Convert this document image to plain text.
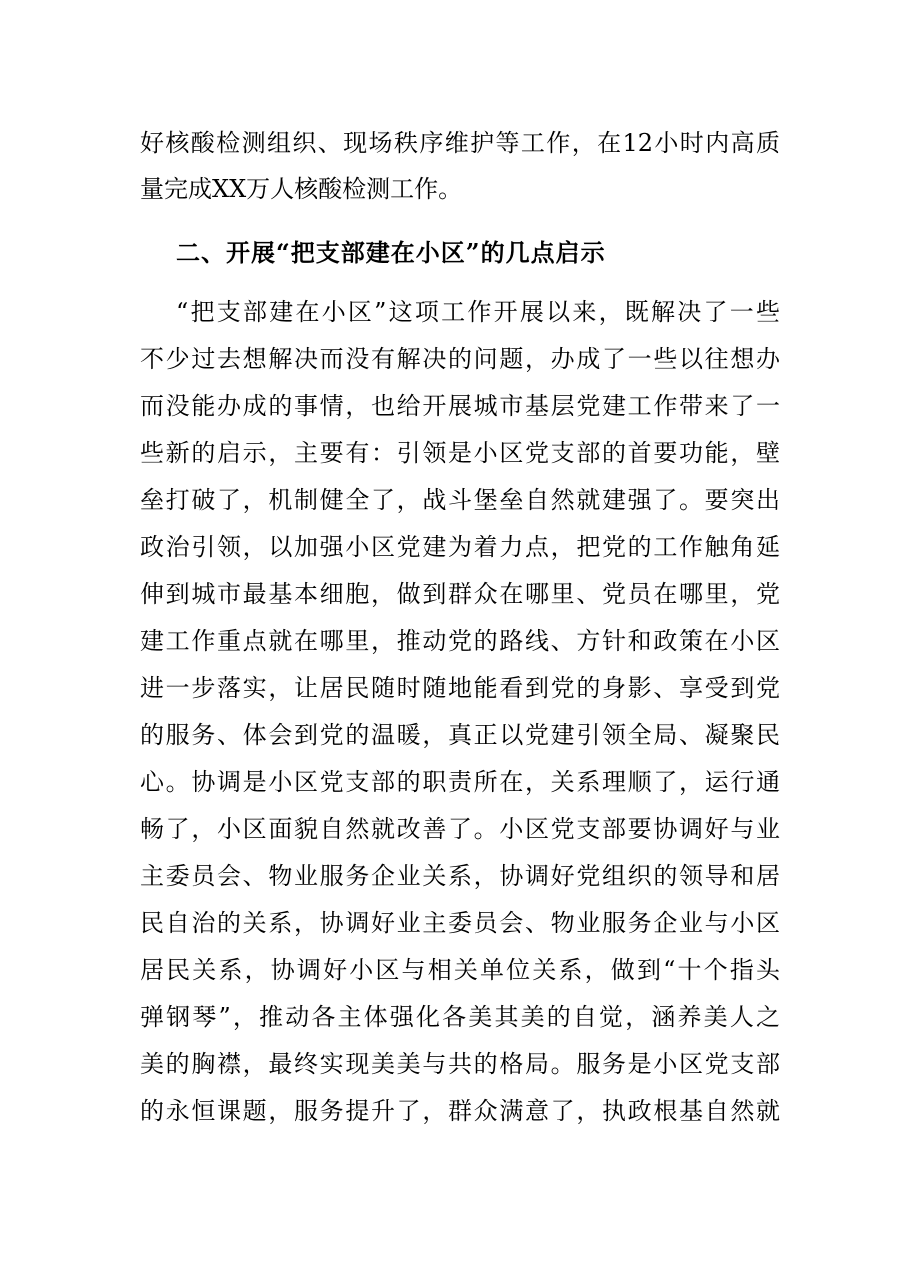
好核酸检测组织、现场秩序维护等工作，在12小时内高质
量完成XX万人核酸检测工作。
二、开展“把支部建在小区”的几点启示
“把支部建在小区”这项工作开展以来，既解决了一些
不少过去想解决而没有解决的问题，办成了一些以往想办
而没能办成的事情，也给开展城市基层党建工作带来了一
些新的启示，主要有：引领是小区党支部的首要功能，壁
垒打破了，机制健全了，战斗堡垒自然就建强了。要突出
政治引领，以加强小区党建为着力点，把党的工作触角延
伸到城市最基本细胞，做到群众在哪里、党员在哪里，党
建工作重点就在哪里，推动党的路线、方针和政策在小区
进一步落实，让居民随时随地能看到党的身影、享受到党
的服务、体会到党的温暖，真正以党建引领全局、凝聚民
心。协调是小区党支部的职责所在，关系理顺了，运行通
畅了，小区面貌自然就改善了。小区党支部要协调好与业
主委员会、物业服务企业关系，协调好党组织的领导和居
民自治的关系，协调好业主委员会、物业服务企业与小区
居民关系，协调好小区与相关单位关系，做到“十个指头
弹钢琴”，推动各主体强化各美其美的自觉，涵养美人之
美的胸襟，最终实现美美与共的格局。服务是小区党支部
的永恒课题，服务提升了，群众满意了，执政根基自然就
